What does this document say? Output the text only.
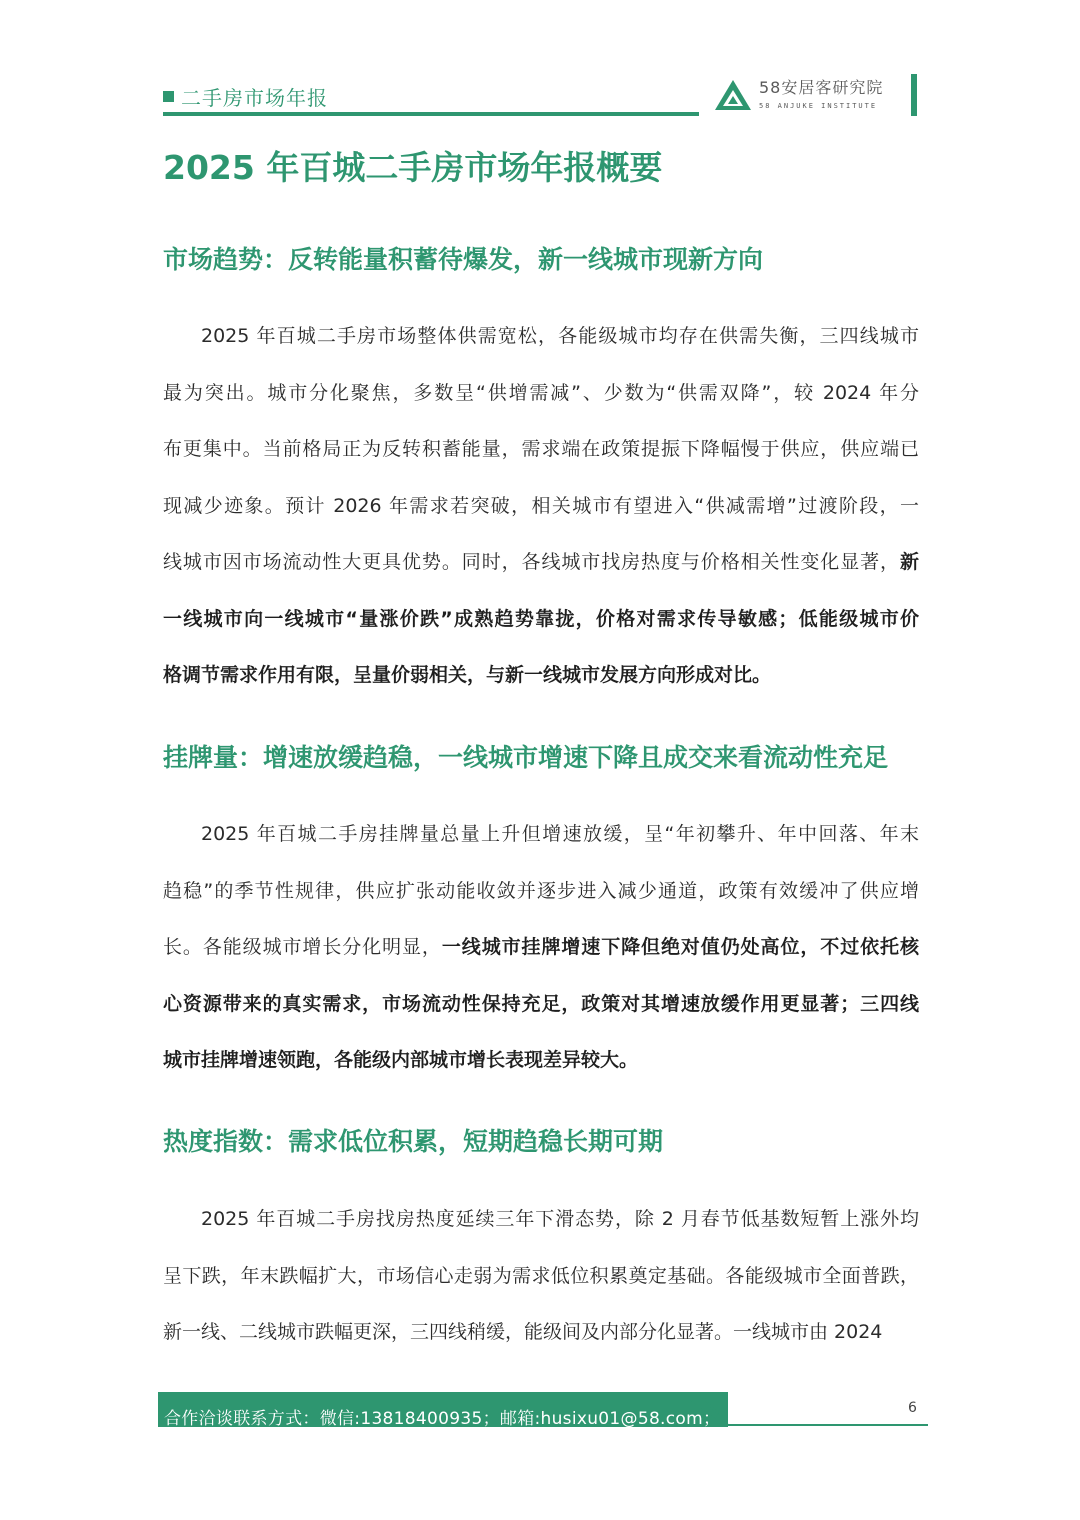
二手房市场年报	58安居客研究院
58 ANJUKE INSTITUTE
2025 年百城二手房市场年报概要
市场趋势：反转能量积蓄待爆发，新一线城市现新方向
2025 年百城二手房市场整体供需宽松，各能级城市均存在供需失衡，三四线城市
最为突出。城市分化聚焦，多数呈“供增需减”、少数为“供需双降”，较 2024 年分
布更集中。当前格局正为反转积蓄能量，需求端在政策提振下降幅慢于供应，供应端已
现减少迹象。预计 2026 年需求若突破，相关城市有望进入“供减需增”过渡阶段，一
线城市因市场流动性大更具优势。同时，各线城市找房热度与价格相关性变化显著，新
一线城市向一线城市“量涨价跌”成熟趋势靠拢，价格对需求传导敏感；低能级城市价
格调节需求作用有限，呈量价弱相关，与新一线城市发展方向形成对比。
挂牌量：增速放缓趋稳，一线城市增速下降且成交来看流动性充足
2025 年百城二手房挂牌量总量上升但增速放缓，呈“年初攀升、年中回落、年末
趋稳”的季节性规律，供应扩张动能收敛并逐步进入减少通道，政策有效缓冲了供应增
长。各能级城市增长分化明显，一线城市挂牌增速下降但绝对值仍处高位，不过依托核
心资源带来的真实需求，市场流动性保持充足，政策对其增速放缓作用更显著；三四线
城市挂牌增速领跑，各能级内部城市增长表现差异较大。
热度指数：需求低位积累，短期趋稳长期可期
2025 年百城二手房找房热度延续三年下滑态势，除 2 月春节低基数短暂上涨外均
呈下跌，年末跌幅扩大，市场信心走弱为需求低位积累奠定基础。各能级城市全面普跌，
新一线、二线城市跌幅更深，三四线稍缓，能级间及内部分化显著。一线城市由 2024
合作洽谈联系方式：微信:13818400935；邮箱:husixu01@58.com；
6
